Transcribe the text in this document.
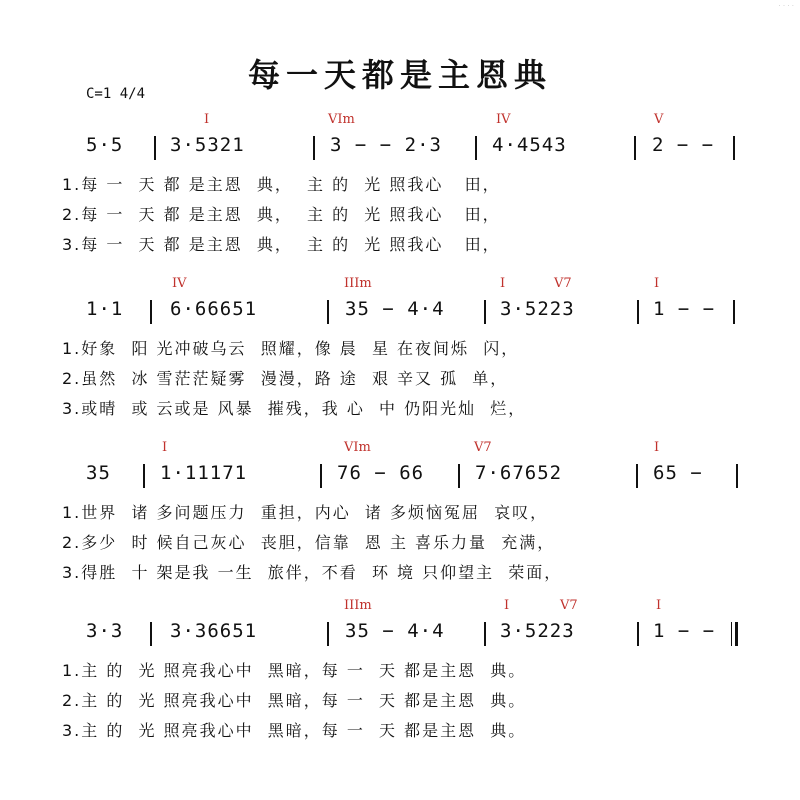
· · · ·
每一天都是主恩典
C=1 4/4
I	VIm	IV	V
5·5 3·5321	3 − − 2·3	4·4543	2 − −
1.每 一  天 都 是主恩  典，  主 的  光 照我心   田，
2.每 一  天 都 是主恩  典，  主 的  光 照我心   田，
3.每 一  天 都 是主恩  典，  主 的  光 照我心   田，
IV	IIIm	I	V7	I
1·1 6·66651	35 − 4·4	3·5223	1 − −
1.好象  阳 光冲破乌云  照耀，像 晨  星 在夜间烁  闪，
2.虽然  冰 雪茫茫疑雾  漫漫，路 途  艰 辛又 孤  单，
3.或晴  或 云或是 风暴  摧残，我 心  中 仍阳光灿  烂，
I	VIm	V7	I
35	1·11171	76 − 66	7·67652	65 −
1.世界  诸 多问题压力  重担，内心  诸 多烦恼冤屈  哀叹，
2.多少  时 候自己灰心  丧胆，信靠  恩 主 喜乐力量  充满，
3.得胜  十 架是我 一生  旅伴，不看  环 境 只仰望主  荣面，
IIIm	I	V7	I
3·3 3·36651	35 − 4·4	3·5223	1 − −
1.主 的  光 照亮我心中  黑暗，每 一  天 都是主恩  典。
2.主 的  光 照亮我心中  黑暗，每 一  天 都是主恩  典。
3.主 的  光 照亮我心中  黑暗，每 一  天 都是主恩  典。
